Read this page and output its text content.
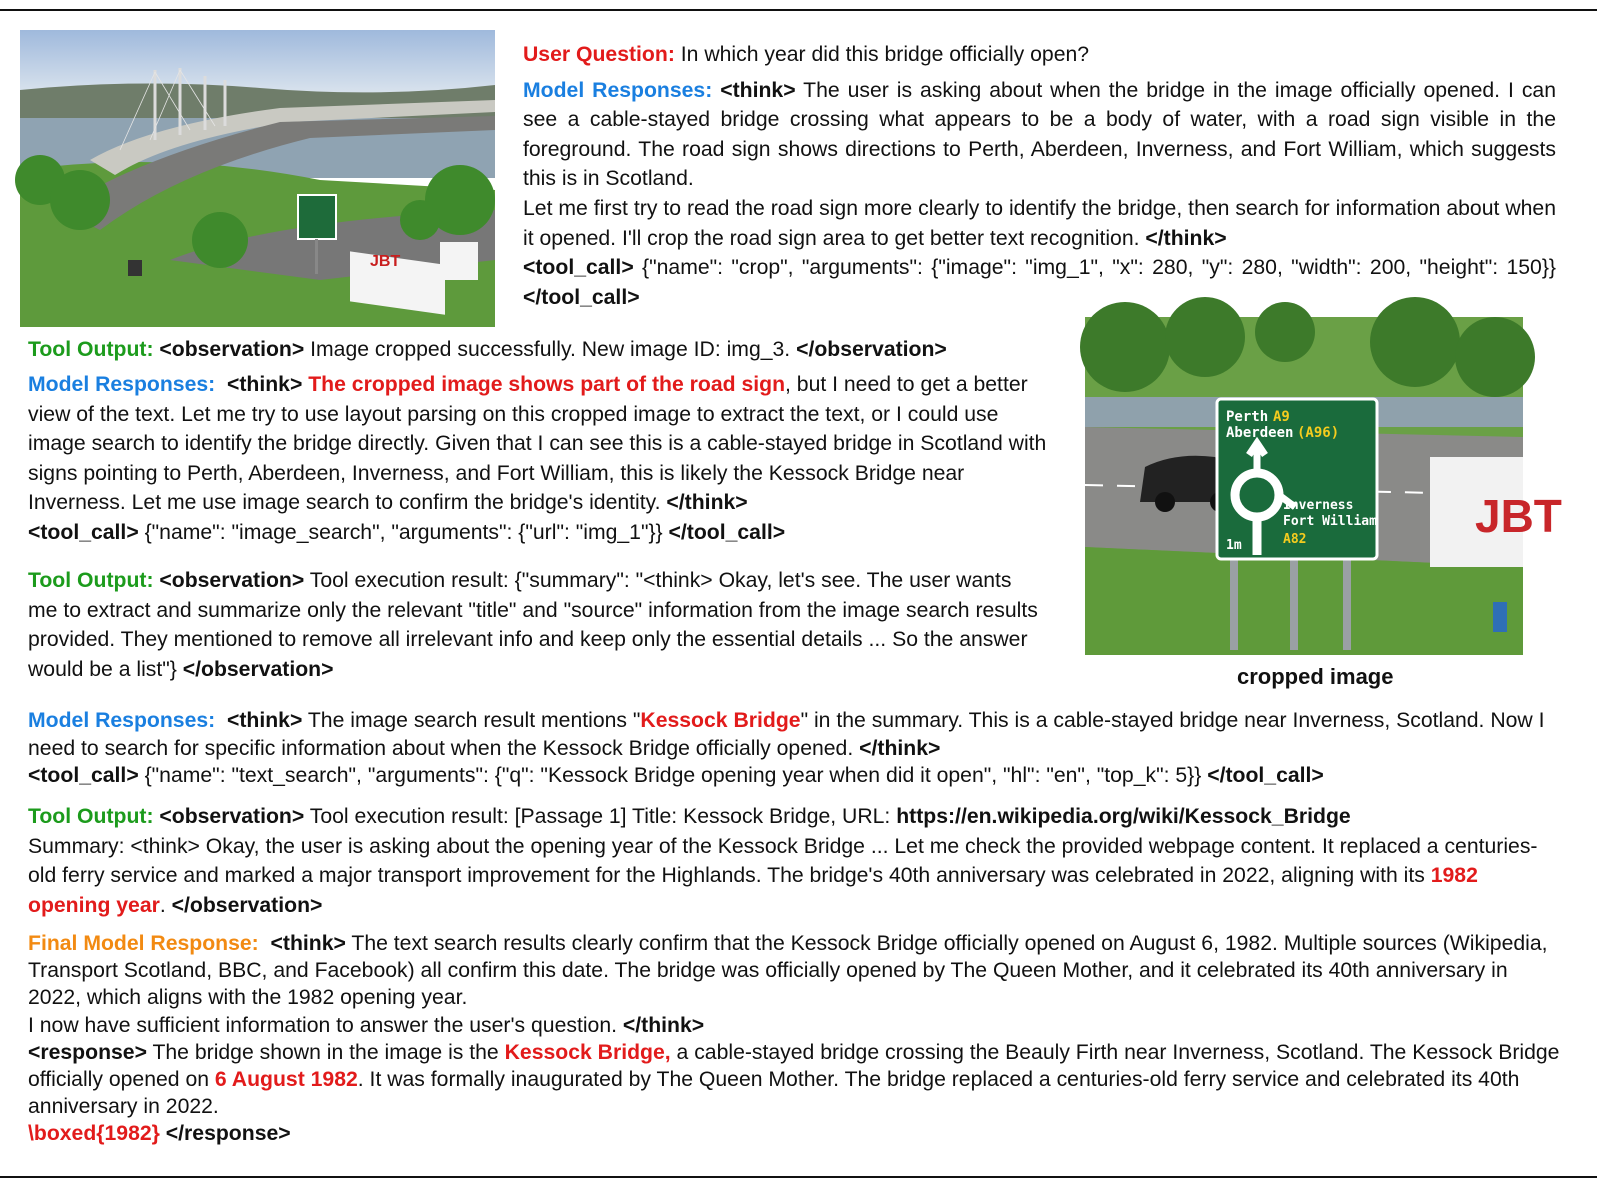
JBT

User Question: In which year did this bridge officially open?

Model Responses: <think> The user is asking about when the bridge in the image officially opened. I can see a cable-stayed bridge crossing what appears to be a body of water, with a road sign visible in the foreground. The road sign shows directions to Perth, Aberdeen, Inverness, and Fort William, which suggests this is in Scotland.

Let me first try to read the road sign more clearly to identify the bridge, then search for information about when it opened. I'll crop the road sign area to get better text recognition. </think>

<tool_call> {"name": "crop", "arguments": {"image": "img_1", "x": 280, "y": 280, "width": 200, "height": 150}} </tool_call>

Tool Output: <observation> Image cropped successfully. New image ID: img_3. </observation>

Model Responses: <think> The cropped image shows part of the road sign, but I need to get a better view of the text. Let me try to use layout parsing on this cropped image to extract the text, or I could use image search to identify the bridge directly. Given that I can see this is a cable-stayed bridge in Scotland with signs pointing to Perth, Aberdeen, Inverness, and Fort William, this is likely the Kessock Bridge near Inverness. Let me use image search to confirm the bridge's identity. </think>

<tool_call> {"name": "image_search", "arguments": {"url": "img_1"}} </tool_call>

Tool Output: <observation> Tool execution result: {"summary": "<think> Okay, let's see. The user wants me to extract and summarize only the relevant "title" and "source" information from the image search results provided. They mentioned to remove all irrelevant info and keep only the essential details ... So the answer would be a list"} </observation>

JBT
Perth A9
Aberdeen (A96)
Inverness
Fort William
1m	A82
cropped image

Model Responses: <think> The image search result mentions "Kessock Bridge" in the summary. This is a cable-stayed bridge near Inverness, Scotland. Now I need to search for specific information about when the Kessock Bridge officially opened. </think>

<tool_call> {"name": "text_search", "arguments": {"q": "Kessock Bridge opening year when did it open", "hl": "en", "top_k": 5}} </tool_call>

Tool Output: <observation> Tool execution result: [Passage 1] Title: Kessock Bridge, URL: https://en.wikipedia.org/wiki/Kessock_Bridge

Summary: <think> Okay, the user is asking about the opening year of the Kessock Bridge ... Let me check the provided webpage content. It replaced a centuries-old ferry service and marked a major transport improvement for the Highlands. The bridge's 40th anniversary was celebrated in 2022, aligning with its 1982 opening year. </observation>

Final Model Response: <think> The text search results clearly confirm that the Kessock Bridge officially opened on August 6, 1982. Multiple sources (Wikipedia, Transport Scotland, BBC, and Facebook) all confirm this date. The bridge was officially opened by The Queen Mother, and it celebrated its 40th anniversary in 2022, which aligns with the 1982 opening year.

I now have sufficient information to answer the user's question. </think>

<response> The bridge shown in the image is the Kessock Bridge, a cable-stayed bridge crossing the Beauly Firth near Inverness, Scotland. The Kessock Bridge officially opened on 6 August 1982. It was formally inaugurated by The Queen Mother. The bridge replaced a centuries-old ferry service and celebrated its 40th anniversary in 2022.

\boxed{1982} </response>
